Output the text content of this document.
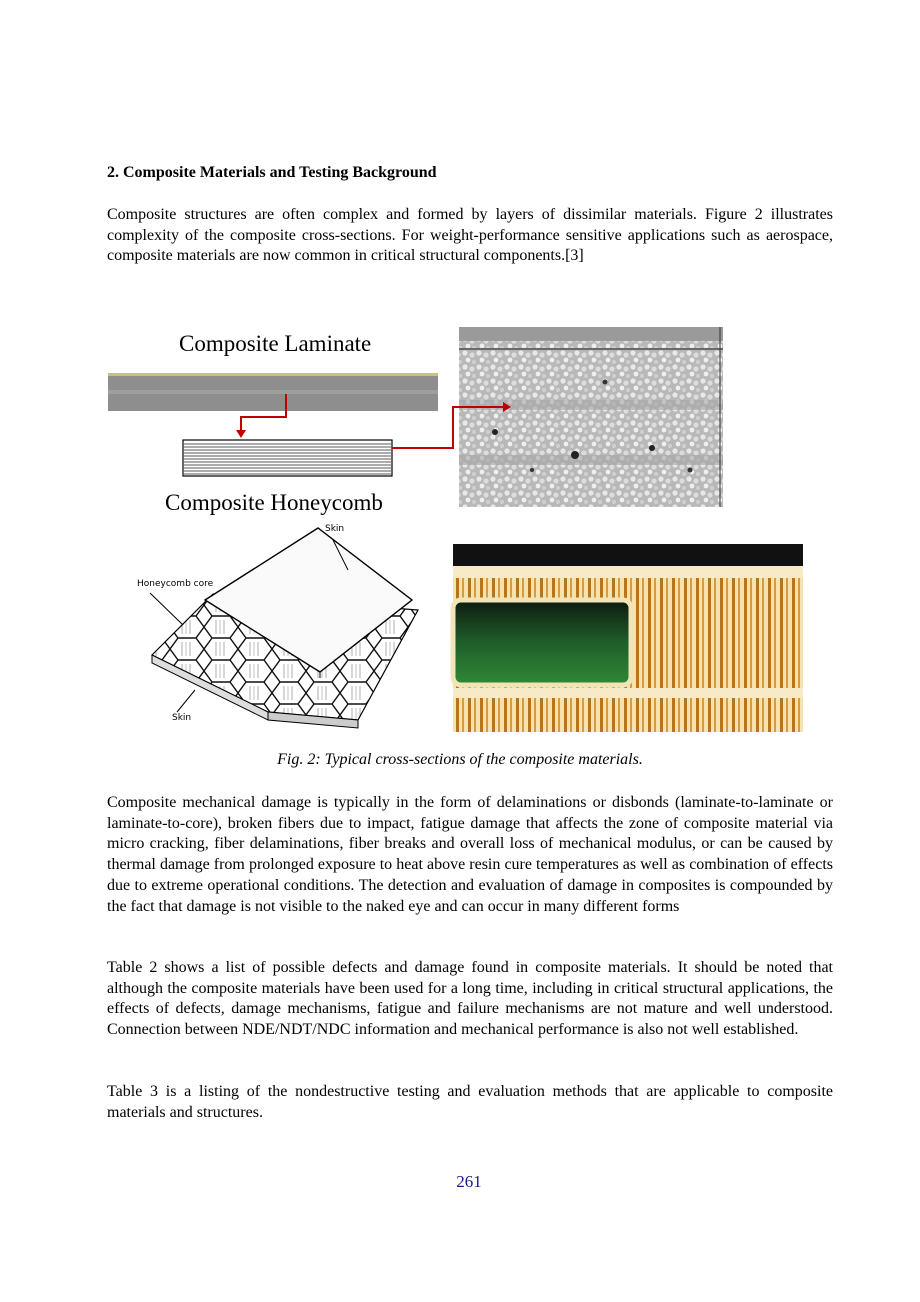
2. Composite Materials and Testing Background

Composite structures are often complex and formed by layers of dissimilar materials. Figure 2 illustrates complexity of the composite cross-sections. For weight-performance sensitive applications such as aerospace, composite materials are now common in critical structural components.[3]

Composite Laminate
Composite Honeycomb
Skin
Honeycomb core
Skin
Fig. 2: Typical cross-sections of the composite materials.

Composite mechanical damage is typically in the form of delaminations or disbonds (laminate-to-laminate or laminate-to-core), broken fibers due to impact, fatigue damage that affects the zone of composite material via micro cracking, fiber delaminations, fiber breaks and overall loss of mechanical modulus, or can be caused by thermal damage from prolonged exposure to heat above resin cure temperatures as well as combination of effects due to extreme operational conditions. The detection and evaluation of damage in composites is compounded by the fact that damage is not visible to the naked eye and can occur in many different forms

Table 2 shows a list of possible defects and damage found in composite materials. It should be noted that although the composite materials have been used for a long time, including in critical structural applications, the effects of defects, damage mechanisms, fatigue and failure mechanisms are not mature and well understood. Connection between NDE/NDT/NDC information and mechanical performance is also not well established.

Table 3 is a listing of the nondestructive testing and evaluation methods that are applicable to composite materials and structures.

261
